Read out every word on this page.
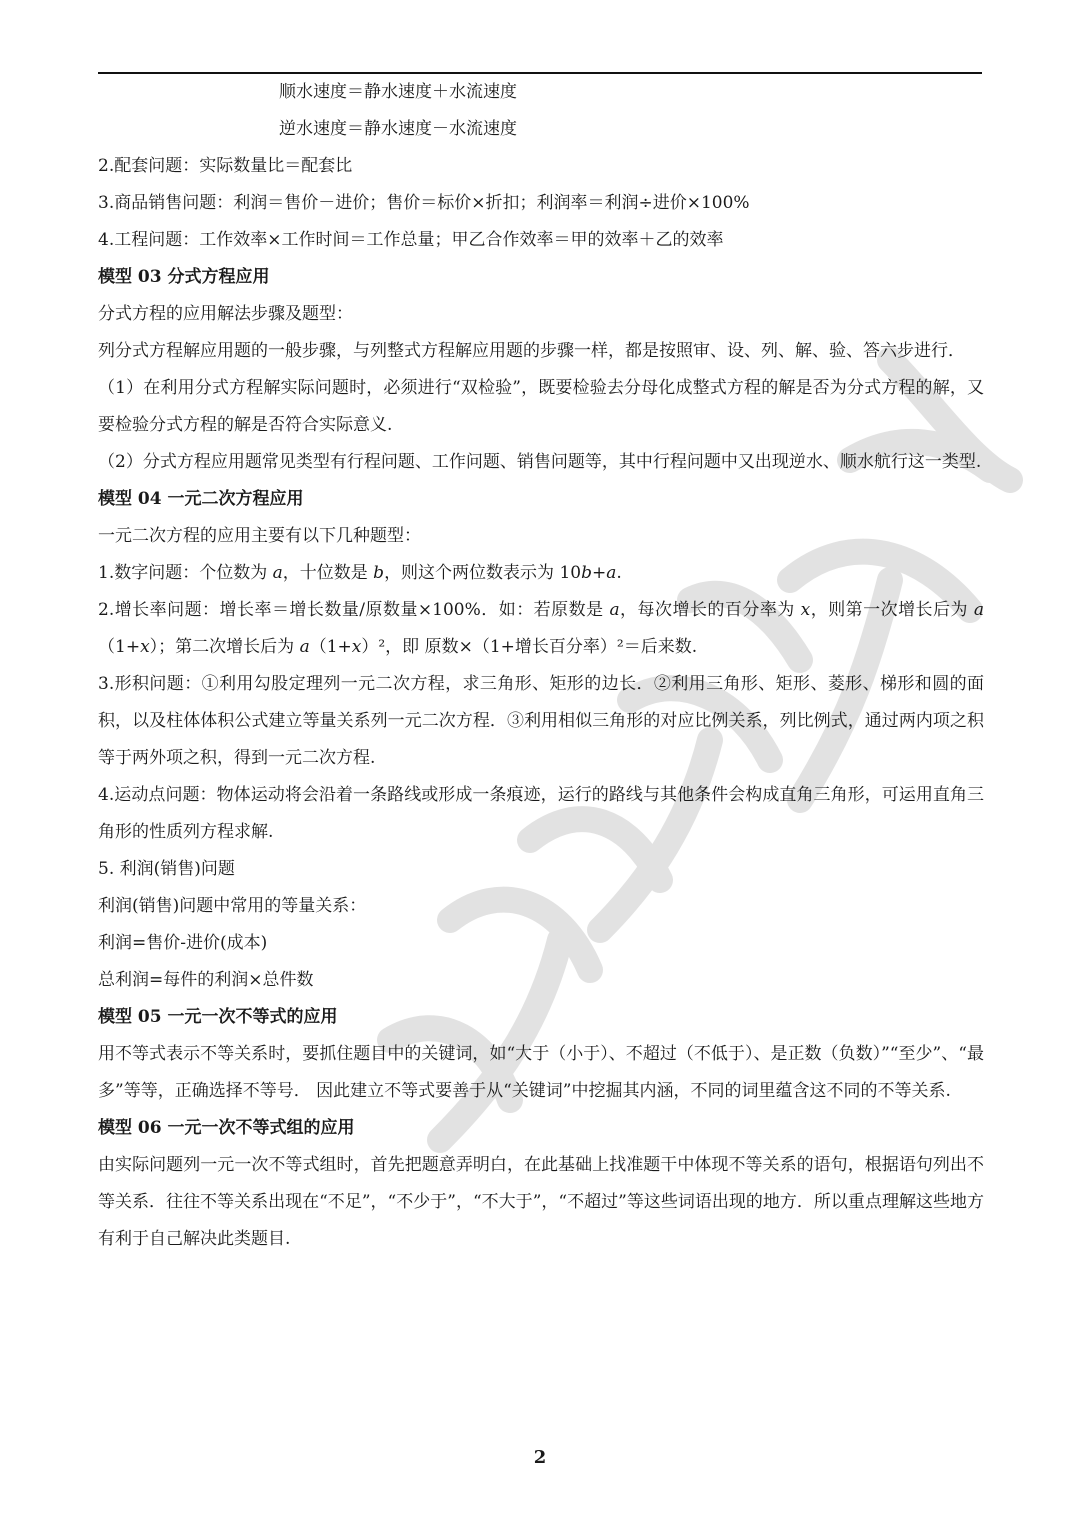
顺水速度＝静水速度＋水流速度

逆水速度＝静水速度－水流速度

2.配套问题：实际数量比＝配套比

3.商品销售问题：利润＝售价－进价；售价＝标价×折扣；利润率＝利润÷进价×100%

4.工程问题：工作效率×工作时间＝工作总量；甲乙合作效率＝甲的效率＋乙的效率

模型 03 分式方程应用

分式方程的应用解法步骤及题型：

列分式方程解应用题的一般步骤，与列整式方程解应用题的步骤一样，都是按照审、设、列、解、验、答六步进行．

（1）在利用分式方程解实际问题时，必须进行“双检验”，既要检验去分母化成整式方程的解是否为分式方程的解，又要检验分式方程的解是否符合实际意义.

（2）分式方程应用题常见类型有行程问题、工作问题、销售问题等，其中行程问题中又出现逆水、顺水航行这一类型.

模型 04 一元二次方程应用

一元二次方程的应用主要有以下几种题型：

1.数字问题：个位数为 a，十位数是 b，则这个两位数表示为 10b+a.

2.增长率问题：增长率＝增长数量/原数量×100%．如：若原数是 a，每次增长的百分率为 x，则第一次增长后为 a（1+x）；第二次增长后为 a（1+x）²，即 原数×（1+增长百分率）²＝后来数.

3.形积问题：①利用勾股定理列一元二次方程，求三角形、矩形的边长．②利用三角形、矩形、菱形、梯形和圆的面积，以及柱体体积公式建立等量关系列一元二次方程．③利用相似三角形的对应比例关系，列比例式，通过两内项之积等于两外项之积，得到一元二次方程.

4.运动点问题：物体运动将会沿着一条路线或形成一条痕迹，运行的路线与其他条件会构成直角三角形，可运用直角三角形的性质列方程求解.

5. 利润(销售)问题

利润(销售)问题中常用的等量关系：

利润=售价-进价(成本)

总利润=每件的利润×总件数

模型 05 一元一次不等式的应用

用不等式表示不等关系时，要抓住题目中的关键词，如“大于（小于）、不超过（不低于）、是正数（负数）”“至少”、“最多”等等，正确选择不等号． 因此建立不等式要善于从“关键词”中挖掘其内涵，不同的词里蕴含这不同的不等关系.

模型 06 一元一次不等式组的应用

由实际问题列一元一次不等式组时，首先把题意弄明白，在此基础上找准题干中体现不等关系的语句，根据语句列出不等关系．往往不等关系出现在“不足”，“不少于”，“不大于”，“不超过”等这些词语出现的地方．所以重点理解这些地方有利于自己解决此类题目.

2
